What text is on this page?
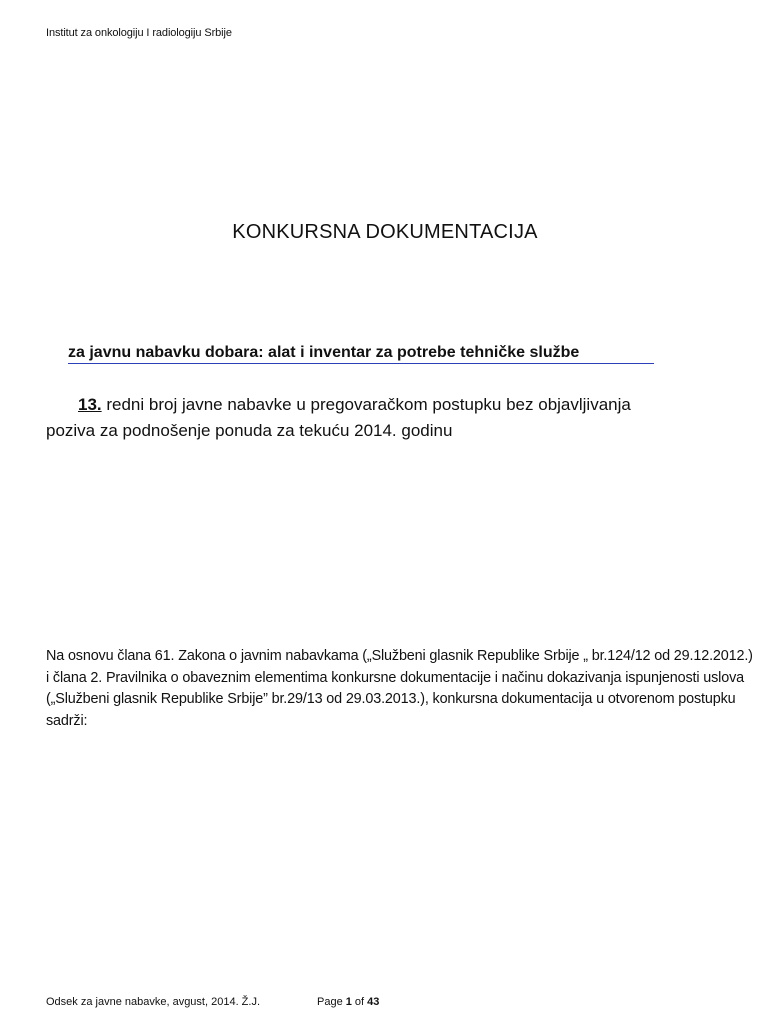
Institut za onkologiju I radiologiju Srbije
KONKURSNA DOKUMENTACIJA
za javnu nabavku dobara: alat i inventar za potrebe tehničke službe
13. redni broj javne nabavke u pregovaračkom postupku bez objavljivanja poziva za podnošenje ponuda za tekuću 2014. godinu
Na osnovu člana 61. Zakona o javnim nabavkama („Službeni glasnik Republike Srbije „ br.124/12 od 29.12.2012.) i člana 2. Pravilnika o obaveznim elementima konkursne dokumentacije i načinu dokazivanja ispunjenosti uslova („Službeni glasnik Republike Srbije” br.29/13 od 29.03.2013.), konkursna dokumentacija u otvorenom postupku sadrži:
Odsek za javne nabavke, avgust, 2014. Ž.J.	Page 1 of 43
